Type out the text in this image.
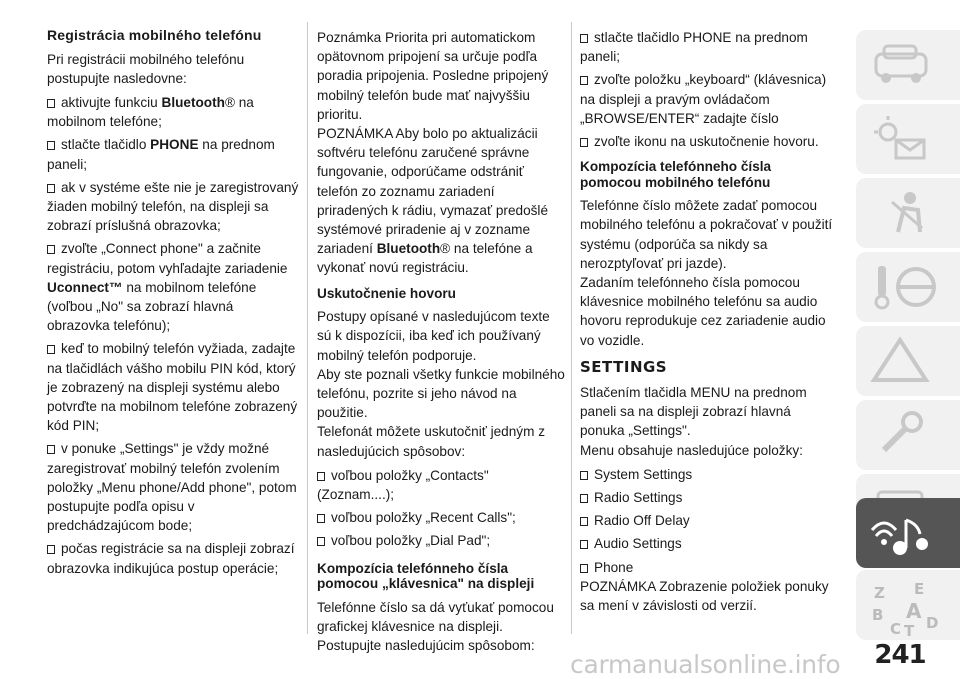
Registrácia mobilného telefónu
Pri registrácii mobilného telefónu postupujte nasledovne:
aktivujte funkciu Bluetooth® na mobilnom telefóne;
stlačte tlačidlo PHONE na prednom paneli;
ak v systéme ešte nie je zaregistrovaný žiaden mobilný telefón, na displeji sa zobrazí príslušná obrazovka;
zvoľte „Connect phone" a začnite registráciu, potom vyhľadajte zariadenie Uconnect™ na mobilnom telefóne (voľbou „No" sa zobrazí hlavná obrazovka telefónu);
keď to mobilný telefón vyžiada, zadajte na tlačidlách vášho mobilu PIN kód, ktorý je zobrazený na displeji systému alebo potvrďte na mobilnom telefóne zobrazený kód PIN;
v ponuke „Settings" je vždy možné zaregistrovať mobilný telefón zvolením položky „Menu phone/Add phone", potom postupujte podľa opisu v predchádzajúcom bode;
počas registrácie sa na displeji zobrazí obrazovka indikujúca postup operácie;
Poznámka Priorita pri automatickom opätovnom pripojení sa určuje podľa poradia pripojenia. Posledne pripojený mobilný telefón bude mať najvyššiu prioritu.
POZNÁMKA Aby bolo po aktualizácii softvéru telefónu zaručené správne fungovanie, odporúčame odstrániť telefón zo zoznamu zariadení priradených k rádiu, vymazať predošlé systémové priradenie aj v zozname zariadení Bluetooth® na telefóne a vykonať novú registráciu.
Uskutočnenie hovoru
Postupy opísané v nasledujúcom texte sú k dispozícii, iba keď ich používaný mobilný telefón podporuje.
Aby ste poznali všetky funkcie mobilného telefónu, pozrite si jeho návod na použitie.
Telefonát môžete uskutočniť jedným z nasledujúcich spôsobov:
voľbou položky „Contacts" (Zoznam....);
voľbou položky „Recent Calls";
voľbou položky „Dial Pad";
Kompozícia telefónneho čísla pomocou „klávesnica" na displeji
Telefónne číslo sa dá vyťukať pomocou grafickej klávesnice na displeji. Postupujte nasledujúcim spôsobom:
stlačte tlačidlo PHONE na prednom paneli;
zvoľte položku „keyboard“ (klávesnica) na displeji a pravým ovládačom „BROWSE/ENTER“ zadajte číslo
zvoľte ikonu na uskutočnenie hovoru.
Kompozícia telefónneho čísla pomocou mobilného telefónu
Telefónne číslo môžete zadať pomocou mobilného telefónu a pokračovať v použití systému (odporúča sa nikdy sa nerozptyľovať pri jazde).
Zadaním telefónneho čísla pomocou klávesnice mobilného telefónu sa audio hovoru reprodukuje cez zariadenie audio vo vozidle.
SETTINGS
Stlačením tlačidla MENU na prednom paneli sa na displeji zobrazí hlavná ponuka „Settings".
Menu obsahuje nasledujúce položky:
System Settings
Radio Settings
Radio Off Delay
Audio Settings
Phone
POZNÁMKA Zobrazenie položiek ponuky sa mení v závislosti od verzií.
Z E
B A
C T D
241
carmanualsonline.info
